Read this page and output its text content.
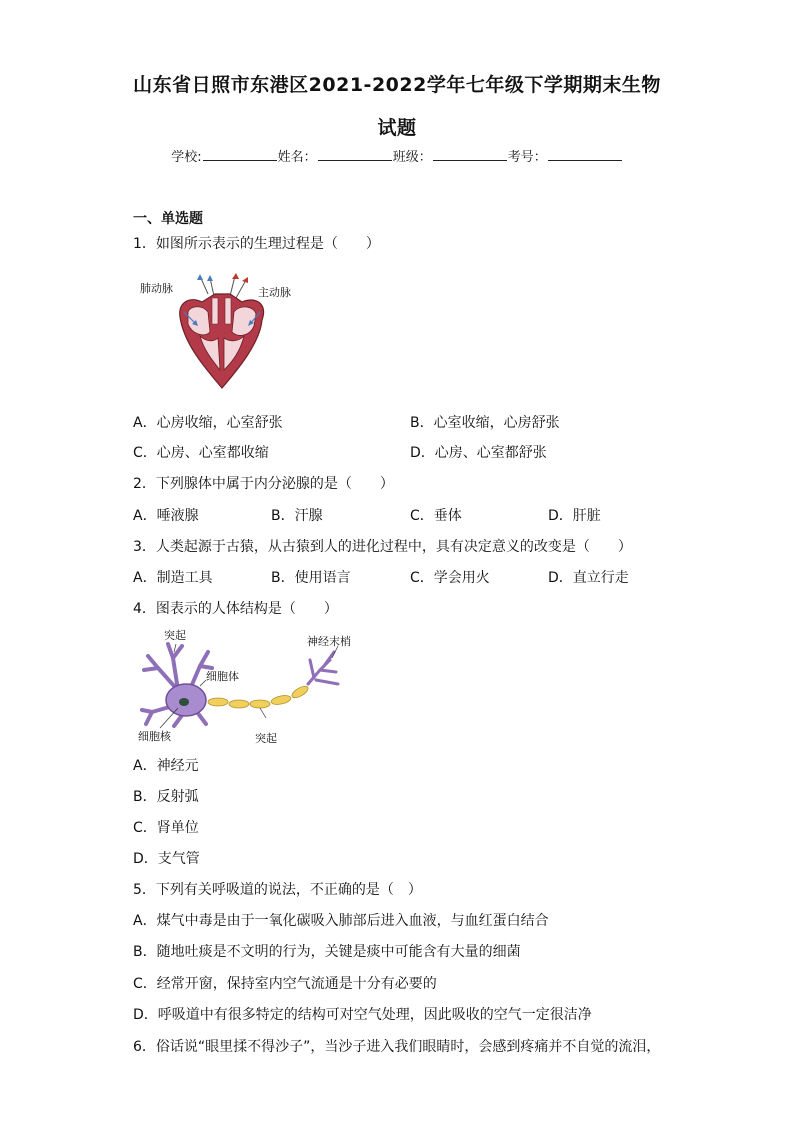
山东省日照市东港区2021-2022学年七年级下学期期末生物
试题
学校:	姓名：	班级：	考号：
一、单选题
1．如图所示表示的生理过程是（　　）
肺动脉	主动脉
A．心房收缩，心室舒张	B．心室收缩，心房舒张
C．心房、心室都收缩	D．心房、心室都舒张
2．下列腺体中属于内分泌腺的是（　　）
A．唾液腺	B．汗腺	C．垂体	D．肝脏
3．人类起源于古猿，从古猿到人的进化过程中，具有决定意义的改变是（　　）
A．制造工具	B．使用语言	C．学会用火	D．直立行走
4．图表示的人体结构是（　　）
突起
细胞体
细胞核	突起
神经末梢
A．神经元
B．反射弧
C．肾单位
D．支气管
5．下列有关呼吸道的说法，不正确的是（　）
A．煤气中毒是由于一氧化碳吸入肺部后进入血液，与血红蛋白结合
B．随地吐痰是不文明的行为，关键是痰中可能含有大量的细菌
C．经常开窗，保持室内空气流通是十分有必要的
D．呼吸道中有很多特定的结构可对空气处理，因此吸收的空气一定很洁净
6．俗话说“眼里揉不得沙子”，当沙子进入我们眼睛时，会感到疼痛并不自觉的流泪，
